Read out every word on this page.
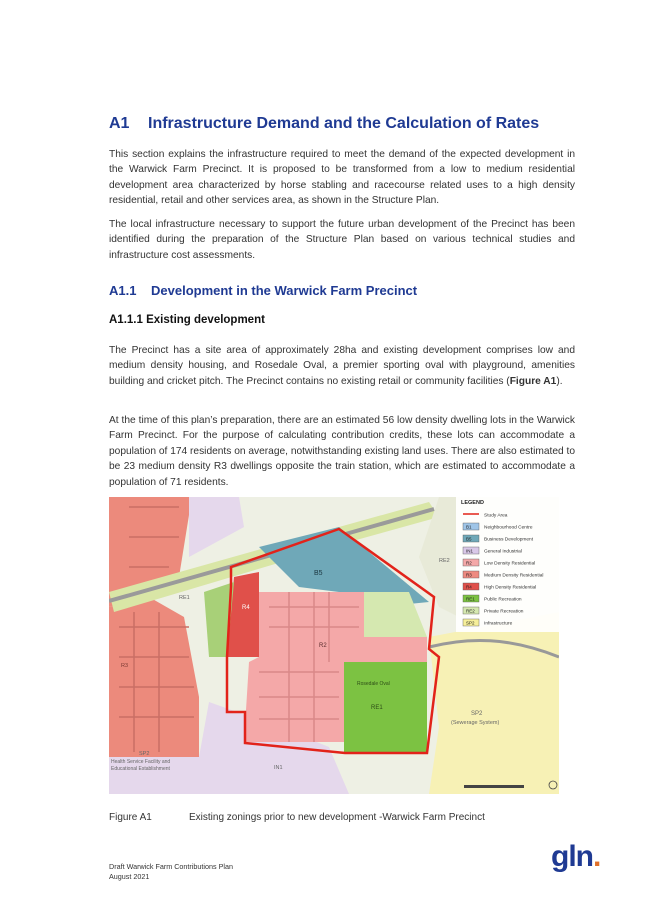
A1 Infrastructure Demand and the Calculation of Rates

This section explains the infrastructure required to meet the demand of the expected development in the Warwick Farm Precinct. It is proposed to be transformed from a low to medium residential development area characterized by horse stabling and racecourse related uses to a high density residential, retail and other services area, as shown in the Structure Plan.

The local infrastructure necessary to support the future urban development of the Precinct has been identified during the preparation of the Structure Plan based on various technical studies and infrastructure cost assessments.

A1.1 Development in the Warwick Farm Precinct
A1.1.1 Existing development

The Precinct has a site area of approximately 28ha and existing development comprises low and medium density housing, and Rosedale Oval, a premier sporting oval with playground, amenities building and cricket pitch. The Precinct contains no existing retail or community facilities (Figure A1).

At the time of this plan’s preparation, there are an estimated 56 low density dwelling lots in the Warwick Farm Precinct. For the purpose of calculating contribution credits, these lots can accommodate a population of 174 residents on average, notwithstanding existing land uses. There are also estimated to be 23 medium density R3 dwellings opposite the train station, which are estimated to accommodate a population of 71 residents.

B5
R4
R2
RE1
Rosedale Oval
SP2
(Sewerage System)
SP2
Health Service Facility and
Educational Establishment	IN1
RE2
RE1
R3
LEGEND
Study Area
B1	Neighbourhood Centre
B5	Business Development
IN1 General Industrial
R2	Low Density Residential
R3	Medium Density Residential
R4	High Density Residential
RE1 Public Recreation
RE2 Private Recreation
SP2 Infrastructure
Figure A1	Existing zonings prior to new development -Warwick Farm Precinct
Draft Warwick Farm Contributions Plan
August 2021
gln.
